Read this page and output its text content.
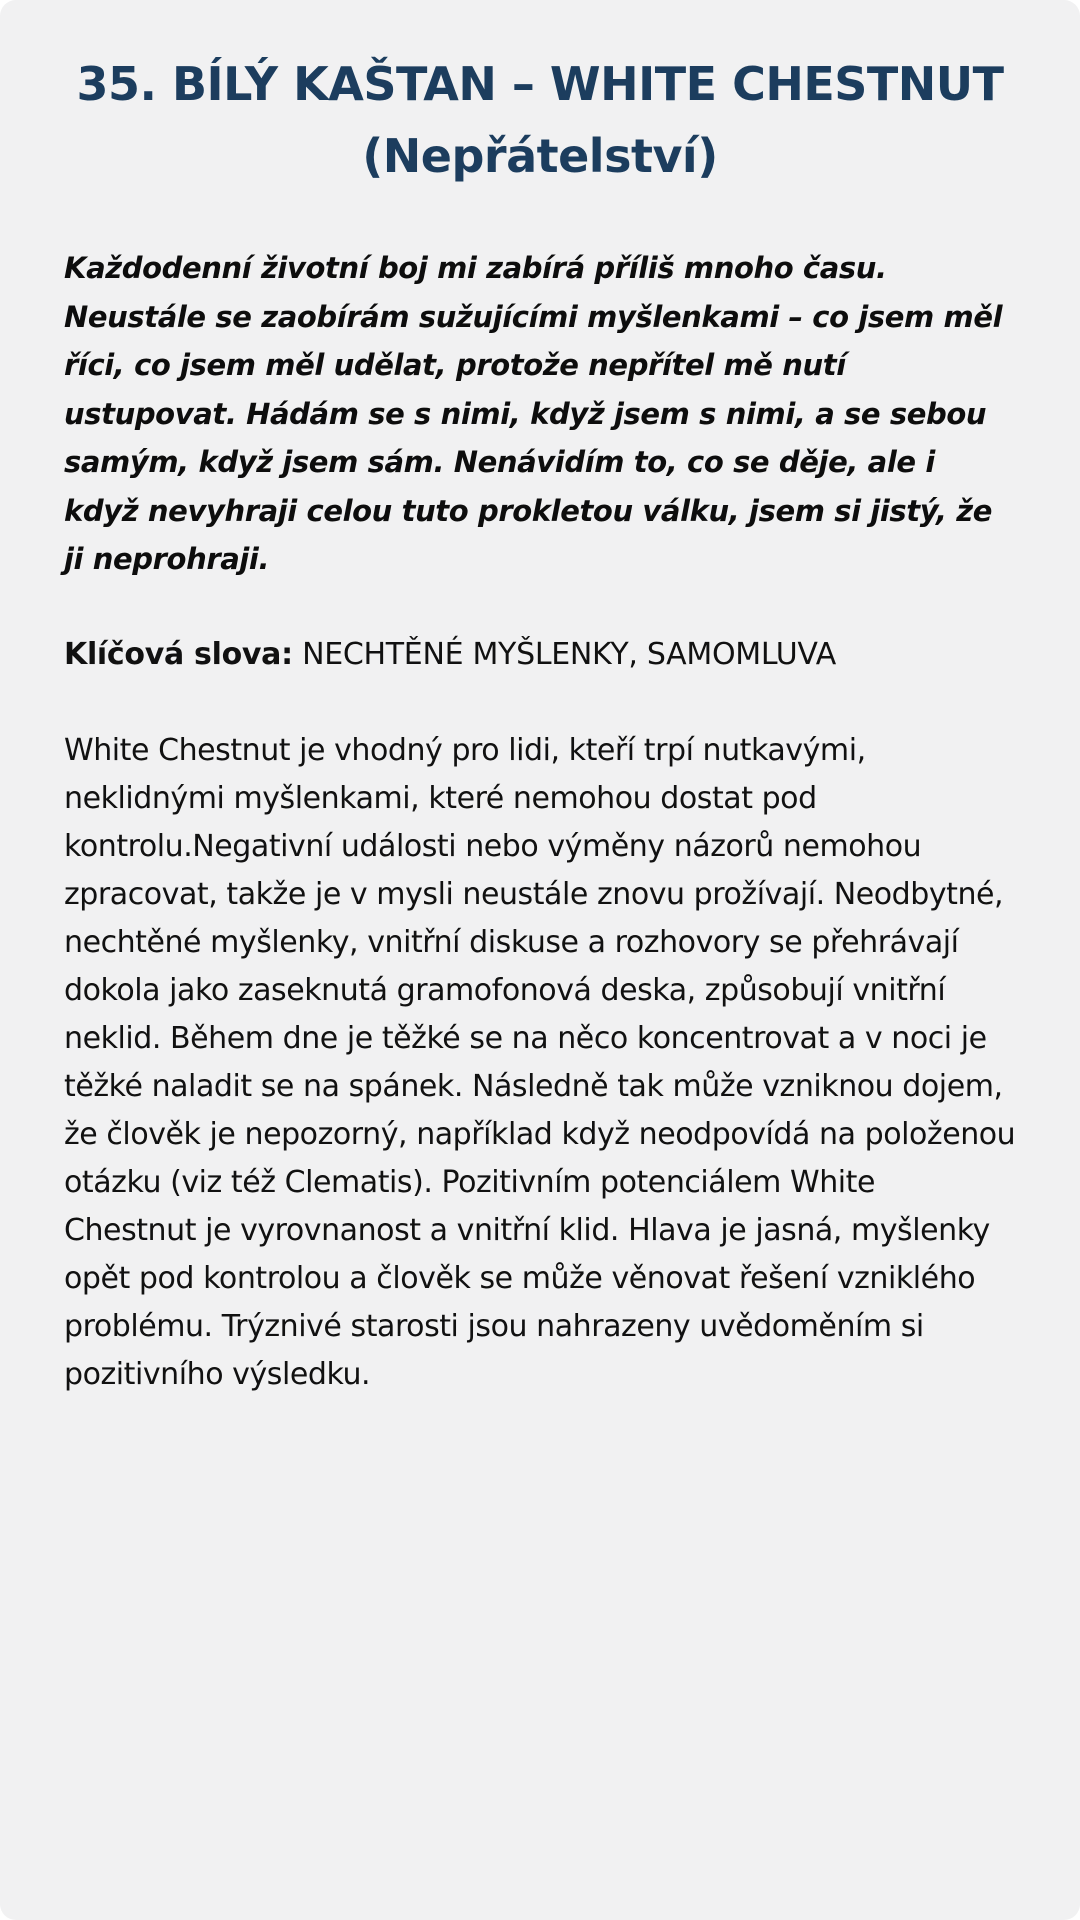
35. BÍLÝ KAŠTAN – WHITE CHESTNUT
(Nepřátelství)

Každodenní životní boj mi zabírá příliš mnoho času. Neustále se zaobírám sužujícími myšlenkami – co jsem měl říci, co jsem měl udělat, protože nepřítel mě nutí ustupovat. Hádám se s nimi, když jsem s nimi, a se sebou samým, když jsem sám. Nenávidím to, co se děje, ale i když nevyhraji celou tuto prokletou válku, jsem si jistý, že ji neprohraji.

Klíčová slova: NECHTĚNÉ MYŠLENKY, SAMOMLUVA

White Chestnut je vhodný pro lidi, kteří trpí nutkavými, neklidnými myšlenkami, které nemohou dostat pod kontrolu.Negativní události nebo výměny názorů nemohou zpracovat, takže je v mysli neustále znovu prožívají. Neodbytné, nechtěné myšlenky, vnitřní diskuse a rozhovory se přehrávají dokola jako zaseknutá gramofonová deska, způsobují vnitřní neklid. Během dne je těžké se na něco koncentrovat a v noci je těžké naladit se na spánek. Následně tak může vzniknou dojem, že člověk je nepozorný, například když neodpovídá na položenou otázku (viz též Clematis). Pozitivním potenciálem White Chestnut je vyrovnanost a vnitřní klid. Hlava je jasná, myšlenky opět pod kontrolou a člověk se může věnovat řešení vzniklého problému. Trýznivé starosti jsou nahrazeny uvědoměním si pozitivního výsledku.
